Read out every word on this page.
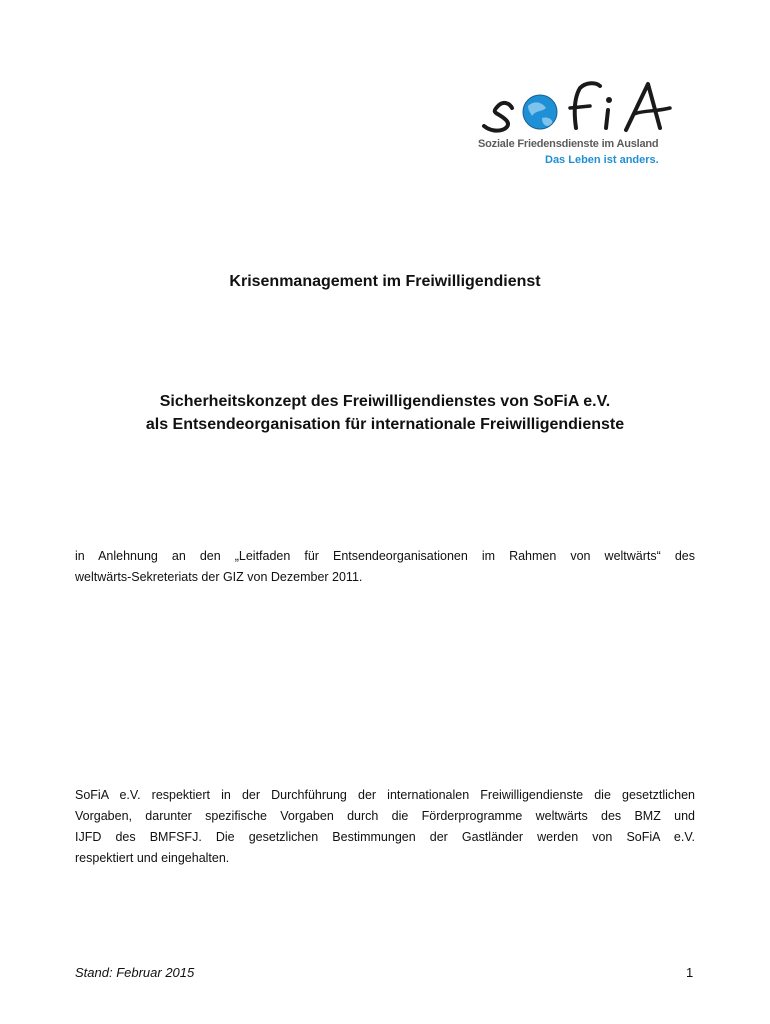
Soziale Friedensdienste im Ausland
Das Leben ist anders.
Krisenmanagement im Freiwilligendienst
Sicherheitskonzept des Freiwilligendienstes von SoFiA e.V.
als Entsendeorganisation für internationale Freiwilligendienste
in Anlehnung an den „Leitfaden für Entsendeorganisationen im Rahmen von weltwärts“ des
weltwärts-Sekreteriats der GIZ von Dezember 2011.
SoFiA e.V. respektiert in der Durchführung der internationalen Freiwilligendienste die gesetztlichen
Vorgaben, darunter spezifische Vorgaben durch die Förderprogramme weltwärts des BMZ und
IJFD des BMFSFJ. Die gesetzlichen Bestimmungen der Gastländer werden von SoFiA e.V.
respektiert und eingehalten.
Stand: Februar 2015	1
